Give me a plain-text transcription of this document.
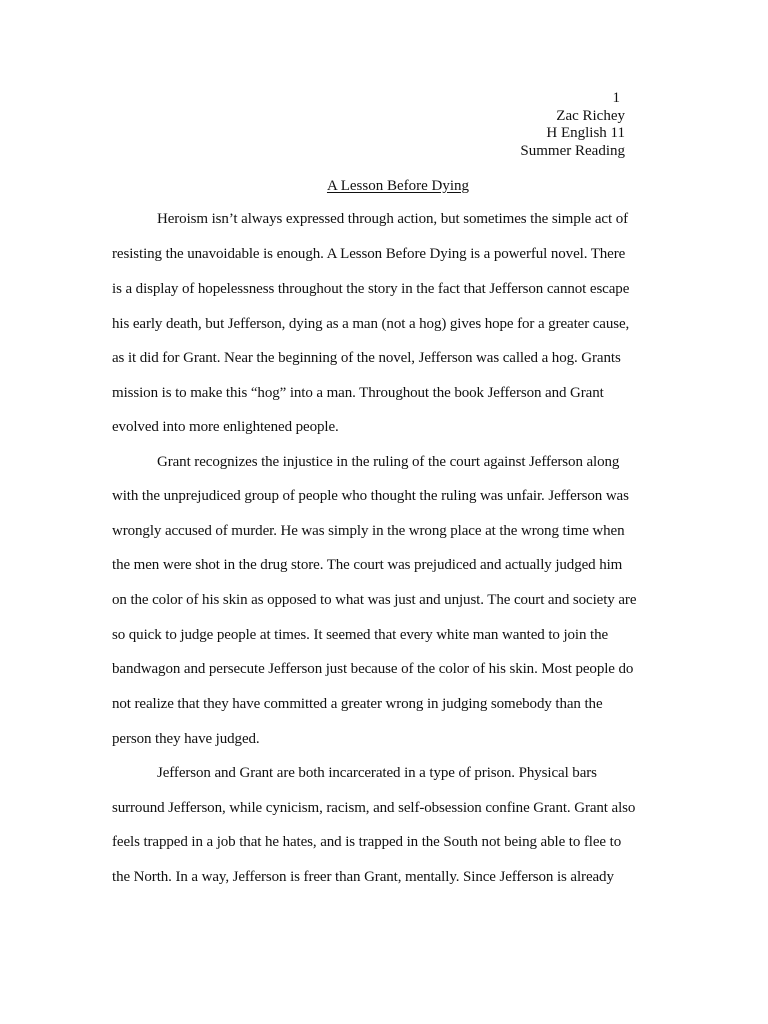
1
Zac Richey
H English 11
Summer Reading
A Lesson Before Dying
Heroism isn’t always expressed through action, but sometimes the simple act of
resisting the unavoidable is enough. A Lesson Before Dying is a powerful novel. There
is a display of hopelessness throughout the story in the fact that Jefferson cannot escape
his early death, but Jefferson, dying as a man (not a hog) gives hope for a greater cause,
as it did for Grant. Near the beginning of the novel, Jefferson was called a hog. Grants
mission is to make this “hog” into a man. Throughout the book Jefferson and Grant
evolved into more enlightened people.
Grant recognizes the injustice in the ruling of the court against Jefferson along
with the unprejudiced group of people who thought the ruling was unfair. Jefferson was
wrongly accused of murder. He was simply in the wrong place at the wrong time when
the men were shot in the drug store. The court was prejudiced and actually judged him
on the color of his skin as opposed to what was just and unjust. The court and society are
so quick to judge people at times. It seemed that every white man wanted to join the
bandwagon and persecute Jefferson just because of the color of his skin. Most people do
not realize that they have committed a greater wrong in judging somebody than the
person they have judged.
Jefferson and Grant are both incarcerated in a type of prison. Physical bars
surround Jefferson, while cynicism, racism, and self-obsession confine Grant. Grant also
feels trapped in a job that he hates, and is trapped in the South not being able to flee to
the North. In a way, Jefferson is freer than Grant, mentally. Since Jefferson is already
